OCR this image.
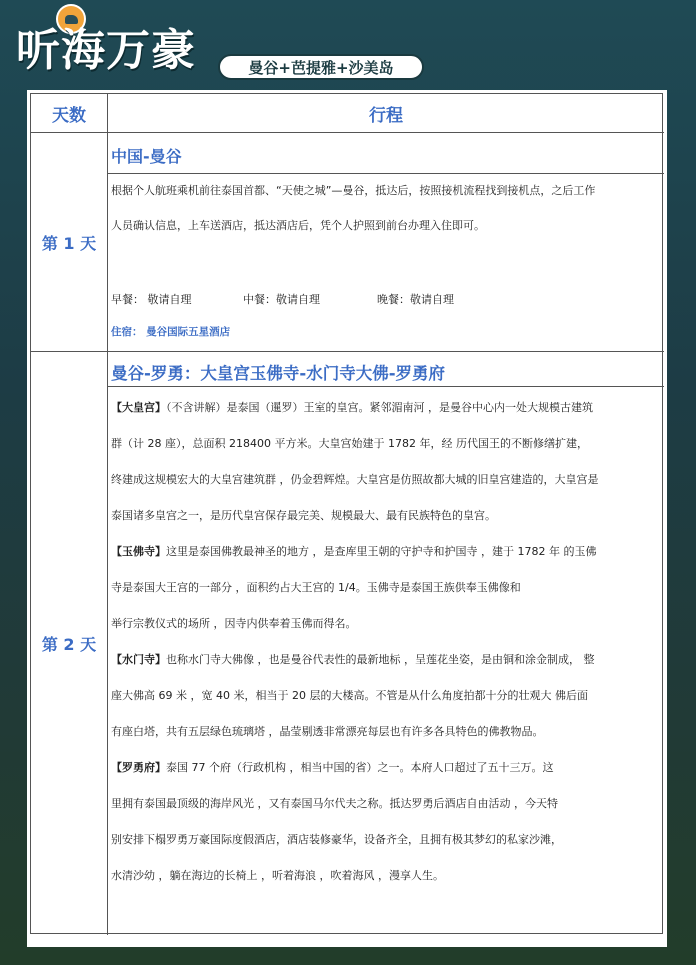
听海万豪	曼谷+芭提雅+沙美岛
天数	行程
第 1 天
中国-曼谷
根据个人航班乘机前往泰国首都、“天使之城”—曼谷，抵达后，按照接机流程找到接机点，之后工作
人员确认信息，上车送酒店，抵达酒店后，凭个人护照到前台办理入住即可。
早餐： 敬请自理	中餐：敬请自理	晚餐：敬请自理
住宿： 曼谷国际五星酒店
第 2 天
曼谷-罗勇：大皇宫玉佛寺-水门寺大佛-罗勇府
【大皇宫】（不含讲解）是泰国（暹罗）王室的皇宫。紧邻湄南河 ，是曼谷中心内一处大规模古建筑
群（计 28 座），总面积 218400 平方米。大皇宫始建于 1782 年，经 历代国王的不断修缮扩建，
终建成这规模宏大的大皇宫建筑群 ，仍金碧辉煌。大皇宫是仿照故都大城的旧皇宫建造的，大皇宫是
泰国诸多皇宫之一，是历代皇宫保存最完美、规模最大、最有民族特色的皇宫。
【玉佛寺】这里是泰国佛教最神圣的地方 ，是查库里王朝的守护寺和护国寺 ，建于 1782 年 的玉佛
寺是泰国大王宫的一部分 ，面积约占大王宫的 1/4。玉佛寺是泰国王族供奉玉佛像和
举行宗教仪式的场所 ，因寺内供奉着玉佛而得名。
【水门寺】也称水门寺大佛像 ，也是曼谷代表性的最新地标 ，呈莲花坐姿，是由铜和涂金制成， 整
座大佛高 69 米 ，宽 40 米，相当于 20 层的大楼高。不管是从什么角度拍都十分的壮观大 佛后面
有座白塔，共有五层绿色琉璃塔 ，晶莹剔透非常漂亮每层也有许多各具特色的佛教物品。
【罗勇府】泰国 77 个府（行政机构 ，相当中国的省）之一。本府人口超过了五十三万。这
里拥有泰国最顶级的海岸风光 ，又有泰国马尔代夫之称。抵达罗勇后酒店自由活动 ，今天特
别安排下榻罗勇万豪国际度假酒店，酒店装修豪华，设备齐全，且拥有极其梦幻的私家沙滩，
水清沙幼 ，躺在海边的长椅上 ，听着海浪 ，吹着海风 ，漫享人生。
